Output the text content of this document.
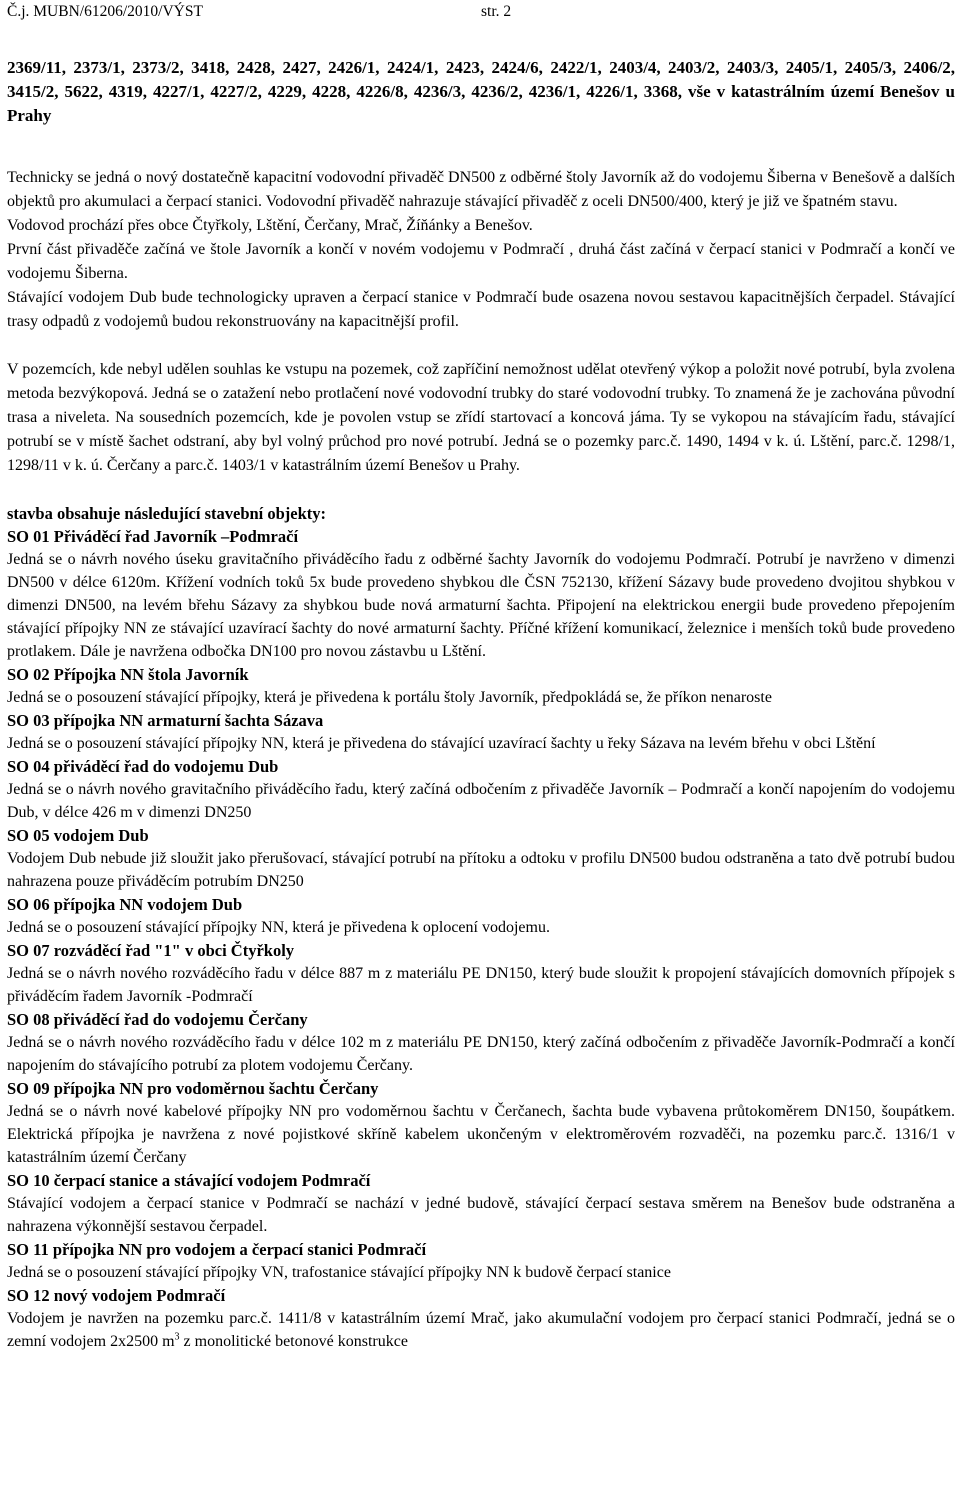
Č.j. MUBN/61206/2010/VÝST	str. 2
2369/11, 2373/1, 2373/2, 3418, 2428, 2427, 2426/1, 2424/1, 2423, 2424/6, 2422/1, 2403/4, 2403/2, 2403/3, 2405/1, 2405/3, 2406/2, 3415/2, 5622, 4319, 4227/1, 4227/2, 4229, 4228, 4226/8, 4236/3, 4236/2, 4236/1, 4226/1, 3368, vše v katastrálním území Benešov u Prahy

Technicky se jedná o nový dostatečně kapacitní vodovodní přivaděč DN500 z odběrné štoly Javorník až do vodojemu Šiberna v Benešově a dalších objektů pro akumulaci a čerpací stanici. Vodovodní přivaděč nahrazuje stávající přivaděč z oceli DN500/400, který je již ve špatném stavu.

Vodovod prochází přes obce Čtyřkoly, Lštění, Čerčany, Mrač, Žíňánky a Benešov.

První část přivaděče začíná ve štole Javorník a končí v novém vodojemu v Podmračí , druhá část začíná v čerpací stanici v Podmračí a končí ve vodojemu Šiberna.

Stávající vodojem Dub bude technologicky upraven a čerpací stanice v Podmračí bude osazena novou sestavou kapacitnějších čerpadel. Stávající trasy odpadů z vodojemů budou rekonstruovány na kapacitnější profil.

V pozemcích, kde nebyl udělen souhlas ke vstupu na pozemek, což zapříčiní nemožnost udělat otevřený výkop a položit nové potrubí, byla zvolena metoda bezvýkopová. Jedná se o zatažení nebo protlačení nové vodovodní trubky do staré vodovodní trubky. To znamená že je zachována původní trasa a niveleta. Na sousedních pozemcích, kde je povolen vstup se zřídí startovací a koncová jáma. Ty se vykopou na stávajícím řadu, stávající potrubí se v místě šachet odstraní, aby byl volný průchod pro nové potrubí. Jedná se o pozemky parc.č. 1490, 1494 v k. ú. Lštění, parc.č. 1298/1, 1298/11 v k. ú. Čerčany a parc.č. 1403/1 v katastrálním území Benešov u Prahy.

stavba obsahuje následující stavební objekty:

SO 01 Přiváděcí řad Javorník –Podmračí

Jedná se o návrh nového úseku gravitačního přiváděcího řadu z odběrné šachty Javorník do vodojemu Podmračí. Potrubí je navrženo v dimenzi DN500 v délce 6120m. Křížení vodních toků 5x bude provedeno shybkou dle ČSN 752130, křížení Sázavy bude provedeno dvojitou shybkou v dimenzi DN500, na levém břehu Sázavy za shybkou bude nová armaturní šachta. Připojení na elektrickou energii bude provedeno přepojením stávající přípojky NN ze stávající uzavírací šachty do nové armaturní šachty. Příčné křížení komunikací, železnice i menších toků bude provedeno protlakem. Dále je navržena odbočka DN100 pro novou zástavbu u Lštění.

SO 02 Přípojka NN štola Javorník

Jedná se o posouzení stávající přípojky, která je přivedena k portálu štoly Javorník, předpokládá se, že příkon nenaroste

SO 03 přípojka NN armaturní šachta Sázava

Jedná se o posouzení stávající přípojky NN, která je přivedena do stávající uzavírací šachty u řeky Sázava na levém břehu v obci Lštění

SO 04 přiváděcí řad do vodojemu Dub

Jedná se o návrh nového gravitačního přiváděcího řadu, který začíná odbočením z přivaděče Javorník – Podmračí a končí napojením do vodojemu Dub, v délce 426 m v dimenzi DN250

SO 05 vodojem Dub

Vodojem Dub nebude již sloužit jako přerušovací, stávající potrubí na přítoku a odtoku v profilu DN500 budou odstraněna a tato dvě potrubí budou nahrazena pouze přiváděcím potrubím DN250

SO 06 přípojka NN vodojem Dub

Jedná se o posouzení stávající přípojky NN, která je přivedena k oplocení vodojemu.

SO 07 rozváděcí řad "1" v obci Čtyřkoly

Jedná se o návrh nového rozváděcího řadu v délce 887 m z materiálu PE DN150, který bude sloužit k propojení stávajících domovních přípojek s přiváděcím řadem Javorník -Podmračí

SO 08 přiváděcí řad do vodojemu Čerčany

Jedná se o návrh nového rozváděcího řadu v délce 102 m z materiálu PE DN150, který začíná odbočením z přivaděče Javorník-Podmračí a končí napojením do stávajícího potrubí za plotem vodojemu Čerčany.

SO 09 přípojka NN pro vodoměrnou šachtu Čerčany

Jedná se o návrh nové kabelové přípojky NN pro vodoměrnou šachtu v Čerčanech, šachta bude vybavena průtokoměrem DN150, šoupátkem. Elektrická přípojka je navržena z nové pojistkové skříně kabelem ukončeným v elektroměrovém rozvaděči, na pozemku parc.č. 1316/1 v katastrálním území Čerčany

SO 10 čerpací stanice a stávající vodojem Podmračí

Stávající vodojem a čerpací stanice v Podmračí se nachází v jedné budově, stávající čerpací sestava směrem na Benešov bude odstraněna a nahrazena výkonnější sestavou čerpadel.

SO 11 přípojka NN pro vodojem a čerpací stanici Podmračí

Jedná se o posouzení stávající přípojky VN, trafostanice stávající přípojky NN k budově čerpací stanice

SO 12 nový vodojem Podmračí

Vodojem je navržen na pozemku parc.č. 1411/8 v katastrálním území Mrač, jako akumulační vodojem pro čerpací stanici Podmračí, jedná se o zemní vodojem 2x2500 $m^3$ z monolitické betonové konstrukce
